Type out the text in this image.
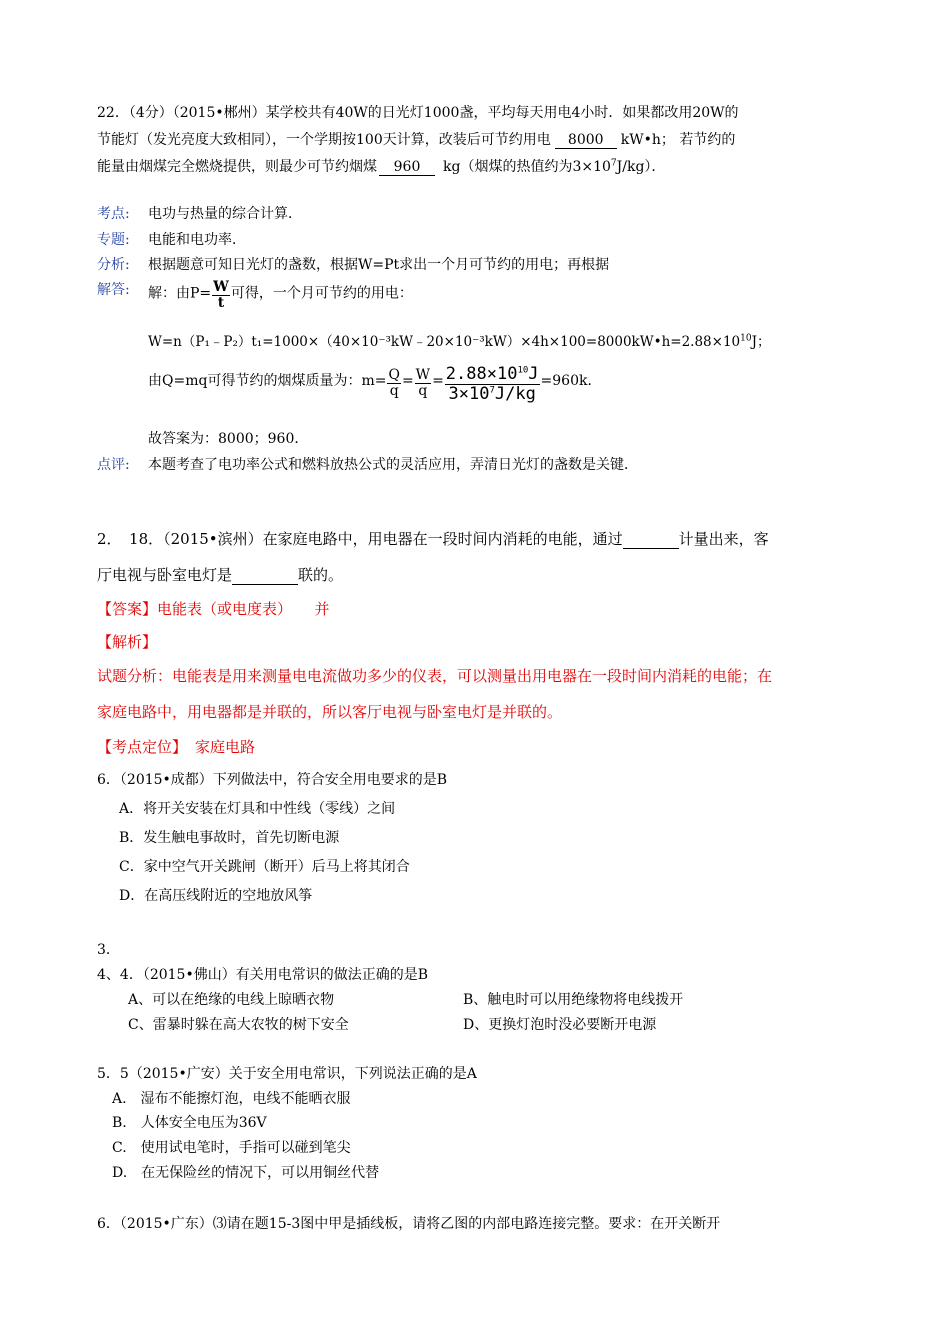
22．（4分）（2015•郴州）某学校共有40W的日光灯1000盏，平均每天用电4小时．如果都改用20W的
节能灯（发光亮度大致相同），一个学期按100天计算，改装后可节约用电 8000 kW•h； 若节约的
能量由烟煤完全燃烧提供，则最少可节约烟煤 960 kg（烟煤的热值约为$3\times 10^7J/kg$）．
考点: 电功与热量的综合计算．
专题: 电能和电功率．
分析: 根据题意可知日光灯的盏数，根据W=Pt求出一个月可节约的用电；再根据
解答: 解：由$P= \frac{W}{t}$ 可得，一个月可节约的用电：
$W=n(P_1﹣P_2)t_1=1000\times(40\times 10^{-3}kW﹣20\times 10^{-3}kW)\times 4h\times 100=8000kW•h=2.88\times 10^{10}J$；
由Q=mq可得节约的烟煤质量为：$m= \frac{Q}{q} = \frac{W}{q} = \frac{2.88\times 10^{10}J}{3\times 10^7J/kg} =960k$．
故答案为：8000；960．
点评: 本题考查了电功率公式和燃料放热公式的灵活应用，弄清日光灯的盏数是关键．
2．　18．（2015•滨州）在家庭电路中，用电器在一段时间内消耗的电能，通过	计量出来，客
厅电视与卧室电灯是	联的。
【答案】电能表（或电度表）　　并
【解析】
试题分析：电能表是用来测量电电流做功多少的仪表，可以测量出用电器在一段时间内消耗的电能；在
家庭电路中，用电器都是并联的，所以客厅电视与卧室电灯是并联的。
【考点定位】 家庭电路
6．（2015•成都）下列做法中，符合安全用电要求的是B
A．将开关安装在灯具和中性线（零线）之间
B．发生触电事故时，首先切断电源
C．家中空气开关跳闸（断开）后马上将其闭合
D．在高压线附近的空地放风筝
3．
4、4．（2015•佛山）有关用电常识的做法正确的是B
A、可以在绝缘的电线上晾晒衣物	B、触电时可以用绝缘物将电线拨开
C、雷暴时躲在高大农牧的树下安全	D、更换灯泡时没必要断开电源
5．5（2015•广安）关于安全用电常识，下列说法正确的是A
A.　湿布不能擦灯泡，电线不能晒衣服
B.　人体安全电压为36V
C.　使用试电笔时，手指可以碰到笔尖
D.　在无保险丝的情况下，可以用铜丝代替
6．（2015•广东）⑶请在题15-3图中甲是插线板，请将乙图的内部电路连接完整。要求：在开关断开
